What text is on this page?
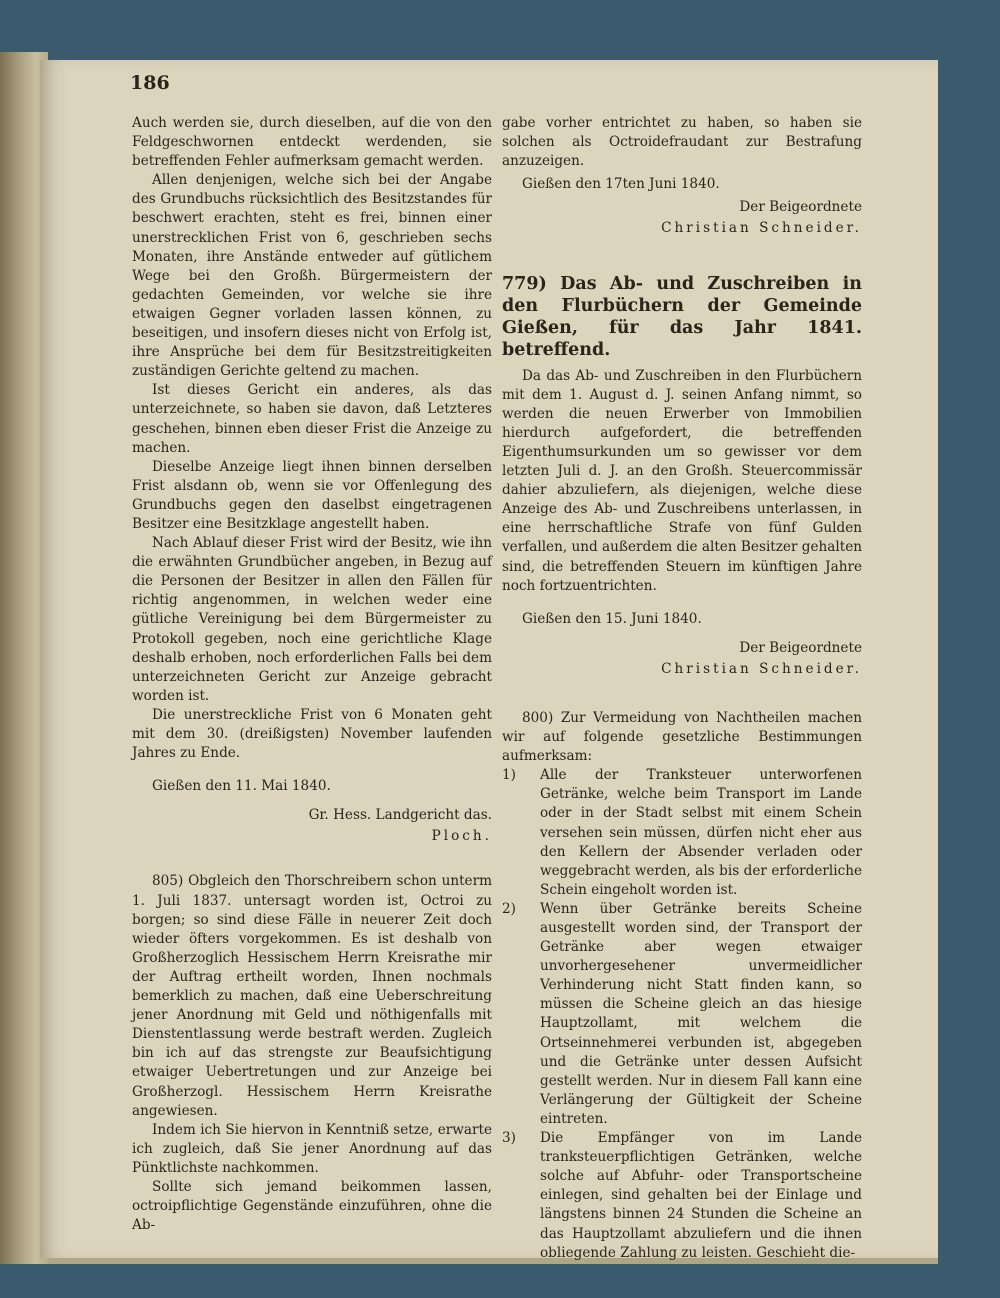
186

Auch werden sie, durch dieselben, auf die von den Feldgeschwornen entdeckt werdenden, sie betreffenden Fehler aufmerksam gemacht werden.

Allen denjenigen, welche sich bei der Angabe des Grundbuchs rücksichtlich des Besitzstandes für beschwert erachten, steht es frei, binnen einer unerstrecklichen Frist von 6, geschrieben sechs Monaten, ihre Anstände entweder auf gütlichem Wege bei den Großh. Bürgermeistern der gedachten Gemeinden, vor welche sie ihre etwaigen Gegner vorladen lassen können, zu beseitigen, und insofern dieses nicht von Erfolg ist, ihre Ansprüche bei dem für Besitzstreitigkeiten zuständigen Gerichte geltend zu machen.

Ist dieses Gericht ein anderes, als das unterzeichnete, so haben sie davon, daß Letzteres geschehen, binnen eben dieser Frist die Anzeige zu machen.

Dieselbe Anzeige liegt ihnen binnen derselben Frist alsdann ob, wenn sie vor Offenlegung des Grundbuchs gegen den daselbst eingetragenen Besitzer eine Besitzklage angestellt haben.

Nach Ablauf dieser Frist wird der Besitz, wie ihn die erwähnten Grundbücher angeben, in Bezug auf die Personen der Besitzer in allen den Fällen für richtig angenommen, in welchen weder eine gütliche Vereinigung bei dem Bürgermeister zu Protokoll gegeben, noch eine gerichtliche Klage deshalb erhoben, noch erforderlichen Falls bei dem unterzeichneten Gericht zur Anzeige gebracht worden ist.

Die unerstreckliche Frist von 6 Monaten geht mit dem 30. (dreißigsten) November laufenden Jahres zu Ende.

Gießen den 11. Mai 1840.

Gr. Hess. Landgericht das.

Ploch.

805) Obgleich den Thorschreibern schon unterm 1. Juli 1837. untersagt worden ist, Octroi zu borgen; so sind diese Fälle in neuerer Zeit doch wieder öfters vorgekommen. Es ist deshalb von Großherzoglich Hessischem Herrn Kreisrathe mir der Auftrag ertheilt worden, Ihnen nochmals bemerklich zu machen, daß eine Ueberschreitung jener Anordnung mit Geld und nöthigenfalls mit Dienstentlassung werde bestraft werden. Zugleich bin ich auf das strengste zur Beaufsichtigung etwaiger Uebertretungen und zur Anzeige bei Großherzogl. Hessischem Herrn Kreisrathe angewiesen.

Indem ich Sie hiervon in Kenntniß setze, erwarte ich zugleich, daß Sie jener Anordnung auf das Pünktlichste nachkommen.

Sollte sich jemand beikommen lassen, octroipflichtige Gegenstände einzuführen, ohne die Ab-

gabe vorher entrichtet zu haben, so haben sie solchen als Octroidefraudant zur Bestrafung anzuzeigen.

Gießen den 17ten Juni 1840.

Der Beigeordnete

Christian Schneider.

779) Das Ab- und Zuschreiben in den Flurbüchern der Gemeinde Gießen, für das Jahr 1841. betreffend.

Da das Ab- und Zuschreiben in den Flurbüchern mit dem 1. August d. J. seinen Anfang nimmt, so werden die neuen Erwerber von Immobilien hierdurch aufgefordert, die betreffenden Eigenthumsurkunden um so gewisser vor dem letzten Juli d. J. an den Großh. Steuercommissär dahier abzuliefern, als diejenigen, welche diese Anzeige des Ab- und Zuschreibens unterlassen, in eine herrschaftliche Strafe von fünf Gulden verfallen, und außerdem die alten Besitzer gehalten sind, die betreffenden Steuern im künftigen Jahre noch fortzuentrichten.

Gießen den 15. Juni 1840.

Der Beigeordnete

Christian Schneider.

800) Zur Vermeidung von Nachtheilen machen wir auf folgende gesetzliche Bestimmungen aufmerksam:

1)	Alle der Tranksteuer unterworfenen Getränke, welche beim Transport im Lande oder in der Stadt selbst mit einem Schein versehen sein müssen, dürfen nicht eher aus den Kellern der Absender verladen oder weggebracht werden, als bis der erforderliche Schein eingeholt worden ist.
2)	Wenn über Getränke bereits Scheine ausgestellt worden sind, der Transport der Getränke aber wegen etwaiger unvorhergesehener unvermeidlicher Verhinderung nicht Statt finden kann, so müssen die Scheine gleich an das hiesige Hauptzollamt, mit welchem die Ortseinnehmerei verbunden ist, abgegeben und die Getränke unter dessen Aufsicht gestellt werden. Nur in diesem Fall kann eine Verlängerung der Gültigkeit der Scheine eintreten.
3)	Die Empfänger von im Lande tranksteuerpflichtigen Getränken, welche solche auf Abfuhr- oder Transportscheine einlegen, sind gehalten bei der Einlage und längstens binnen 24 Stunden die Scheine an das Hauptzollamt abzuliefern und die ihnen obliegende Zahlung zu leisten. Geschieht die-
